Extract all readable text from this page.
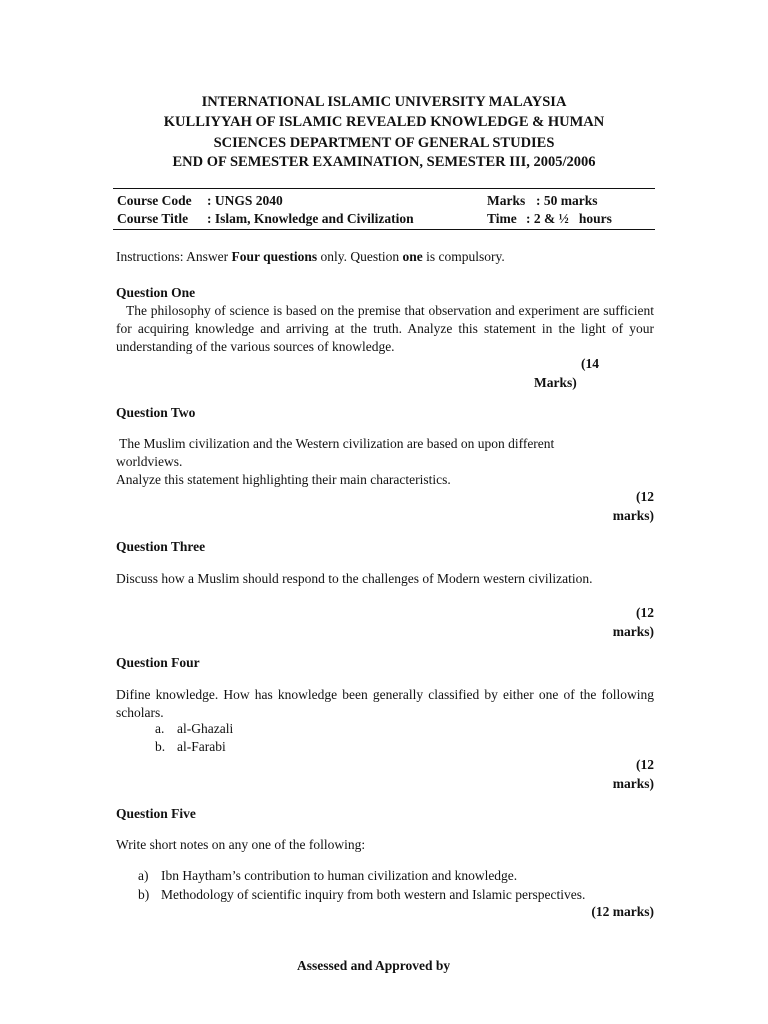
INTERNATIONAL ISLAMIC UNIVERSITY MALAYSIA
KULLIYYAH OF ISLAMIC REVEALED KNOWLEDGE & HUMAN
SCIENCES DEPARTMENT OF GENERAL STUDIES
END OF SEMESTER EXAMINATION, SEMESTER III, 2005/2006
Course Code : UNGS 2040
Course Title : Islam, Knowledge and Civilization
Marks : 50 marks
Time : 2 & ½   hours
Instructions: Answer Four questions only. Question one is compulsory.
Question One
The philosophy of science is based on the premise that observation and experiment are sufficient for acquiring knowledge and arriving at the truth. Analyze this statement in the light of your understanding of the various sources of knowledge.
(14
Marks)
Question Two
The Muslim civilization and the Western civilization are based on upon different
worldviews.
Analyze this statement highlighting their main characteristics.
(12
marks)
Question Three
Discuss how a Muslim should respond to the challenges of Modern western civilization.
(12
marks)
Question Four
Difine knowledge. How has knowledge been generally classified by either one of the following scholars.
a. al-Ghazali
b. al-Farabi
(12
marks)
Question Five
Write short notes on any one of the following:
a) Ibn Haytham’s contribution to human civilization and knowledge.
b) Methodology of scientific inquiry from both western and Islamic perspectives.
(12 marks)
Assessed and Approved by
